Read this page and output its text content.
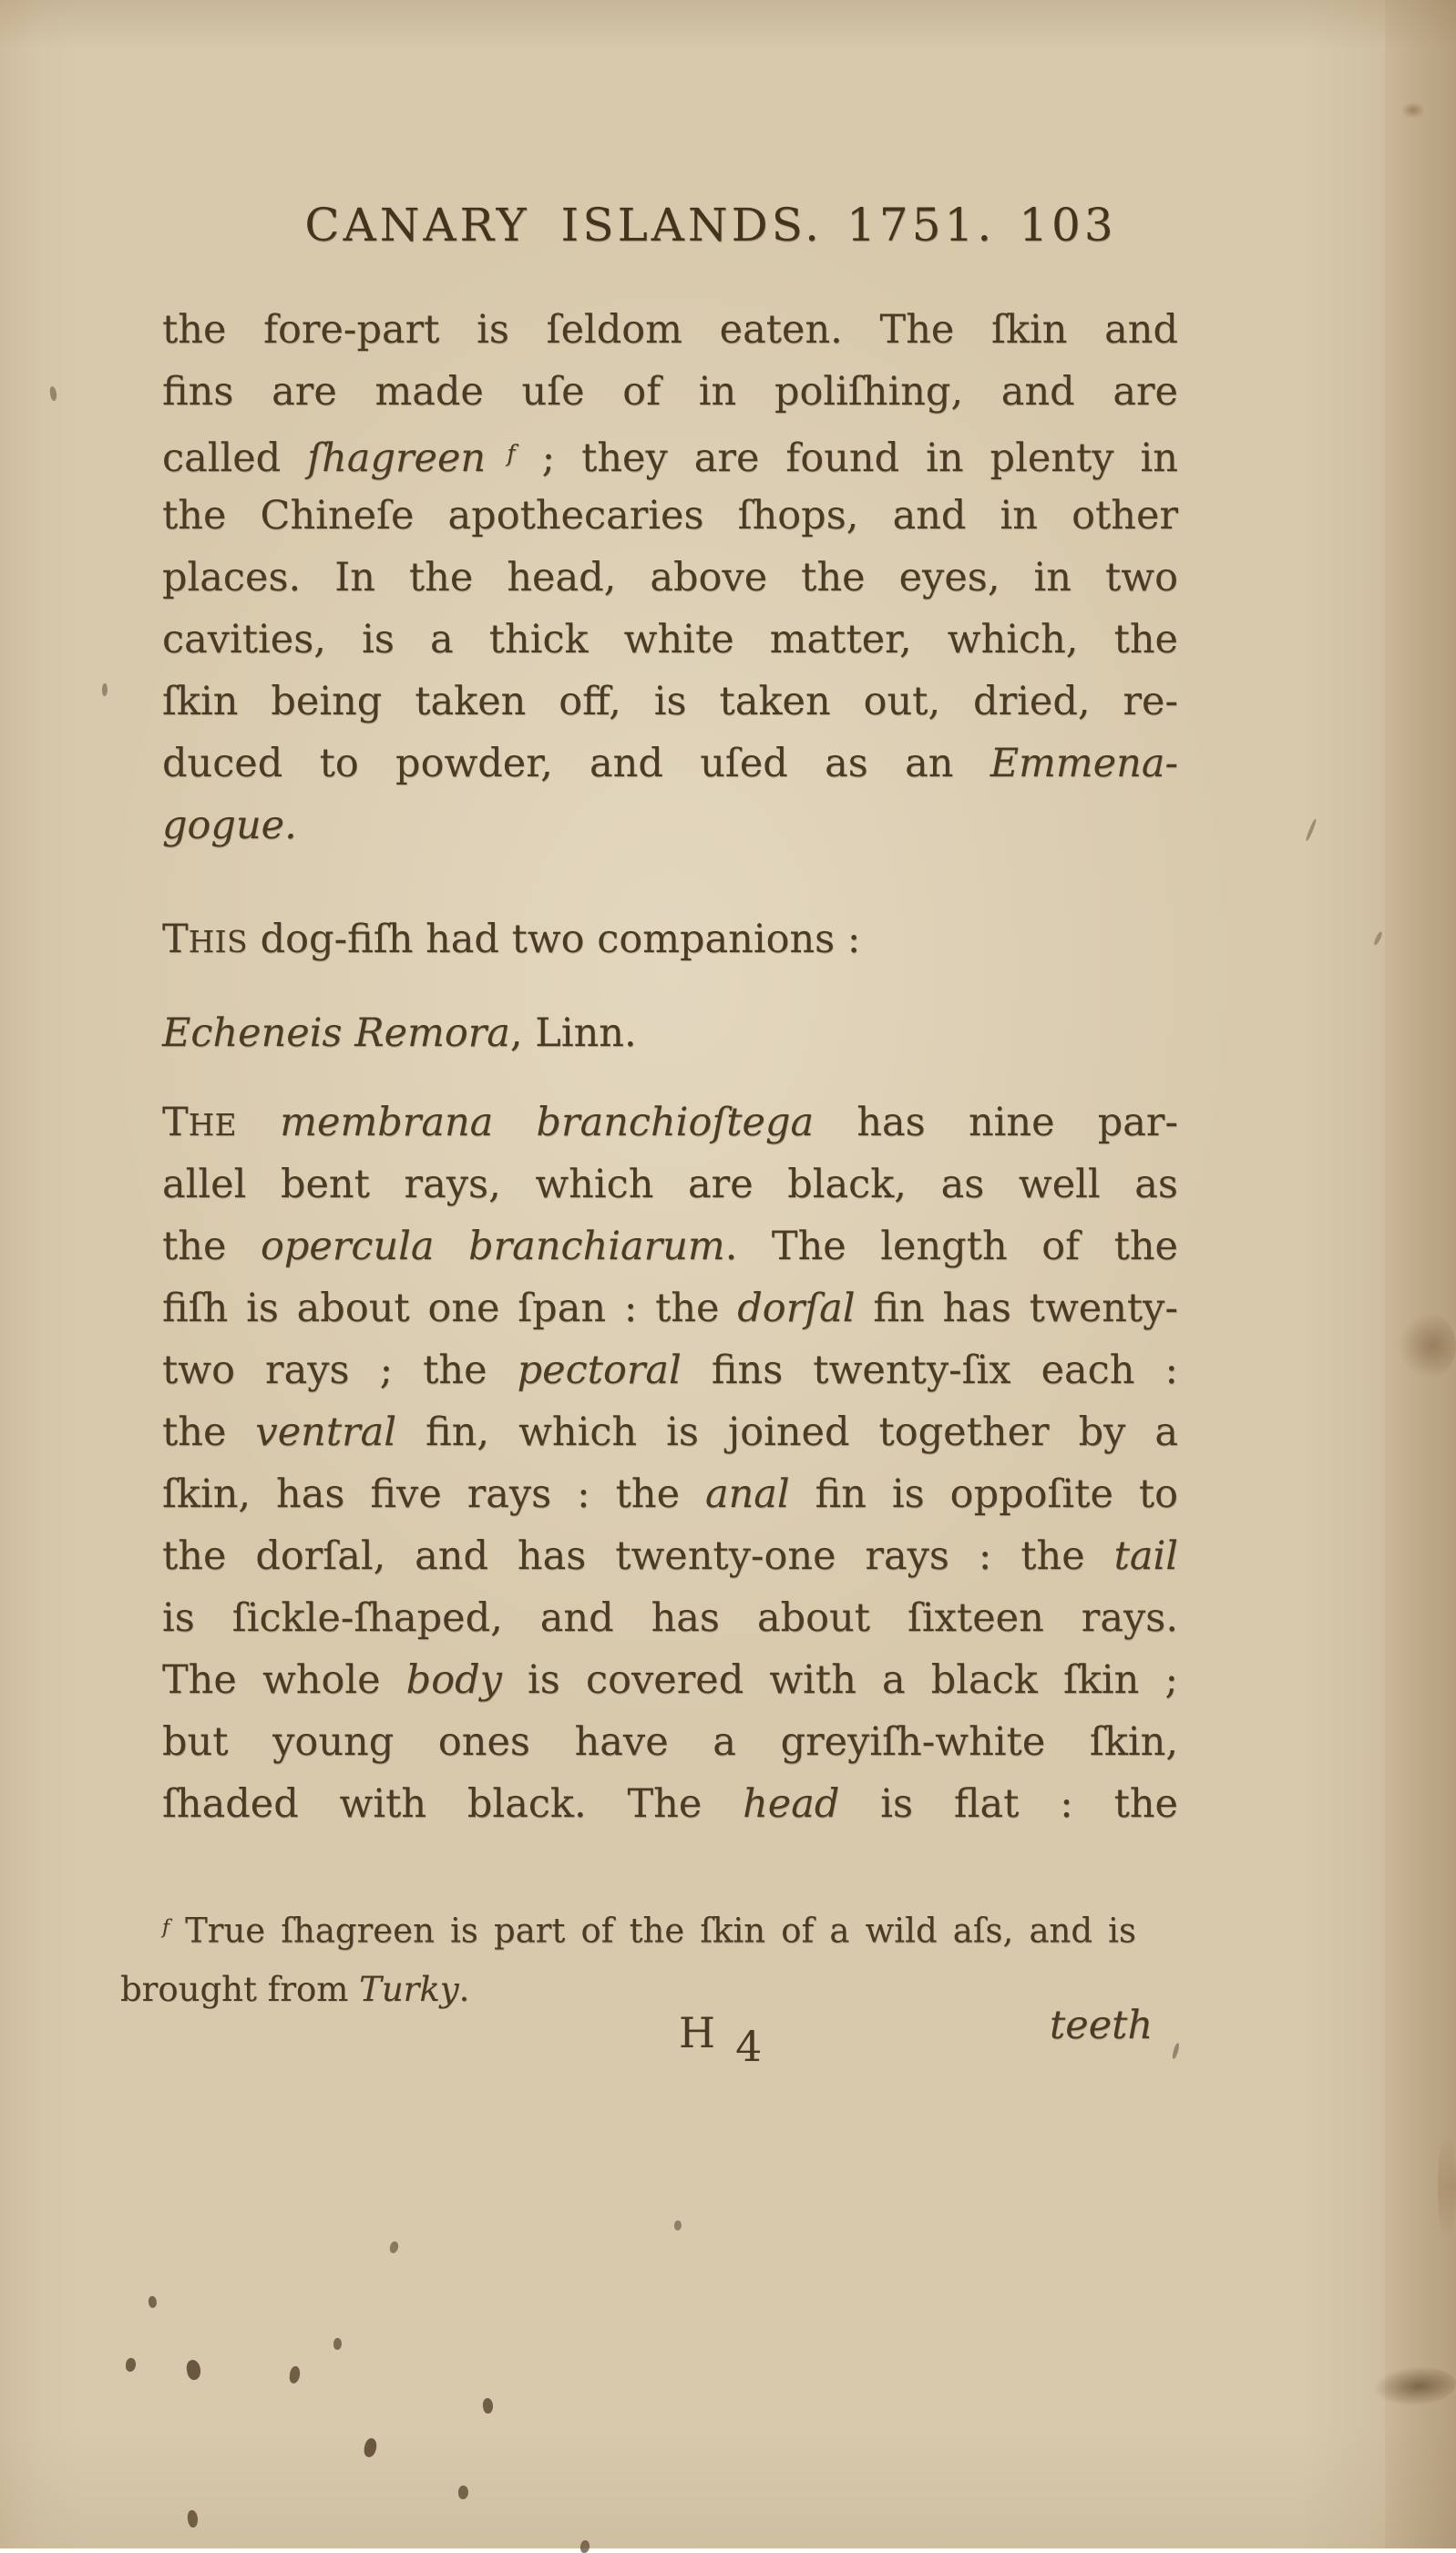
CANARY ISLANDS. 1751. 103
the fore-part is ſeldom eaten. The ſkin and
fins are made uſe of in poliſhing, and are
called ſhagreen $^f$ ; they are found in plenty in
the Chineſe apothecaries ſhops, and in other
places. In the head, above the eyes, in two
cavities, is a thick white matter, which, the
ſkin being taken off, is taken out, dried, re-
duced to powder, and uſed as an Emmena-
gogue.
THIS dog-fiſh had two companions :
Echeneis Remora, Linn.
THE membrana branchioſtega has nine par-
allel bent rays, which are black, as well as
the opercula branchiarum. The length of the
fiſh is about one ſpan : the dorſal fin has twenty-
two rays ; the pectoral fins twenty-ſix each :
the ventral fin, which is joined together by a
ſkin, has five rays : the anal fin is oppoſite to
the dorſal, and has twenty-one rays : the tail
is ſickle-ſhaped, and has about ſixteen rays.
The whole body is covered with a black ſkin ;
but young ones have a greyiſh-white ſkin,
ſhaded with black. The head is flat : the
$^f$ True ſhagreen is part of the ſkin of a wild aſs, and is
brought from Turky.
H 4	teeth
